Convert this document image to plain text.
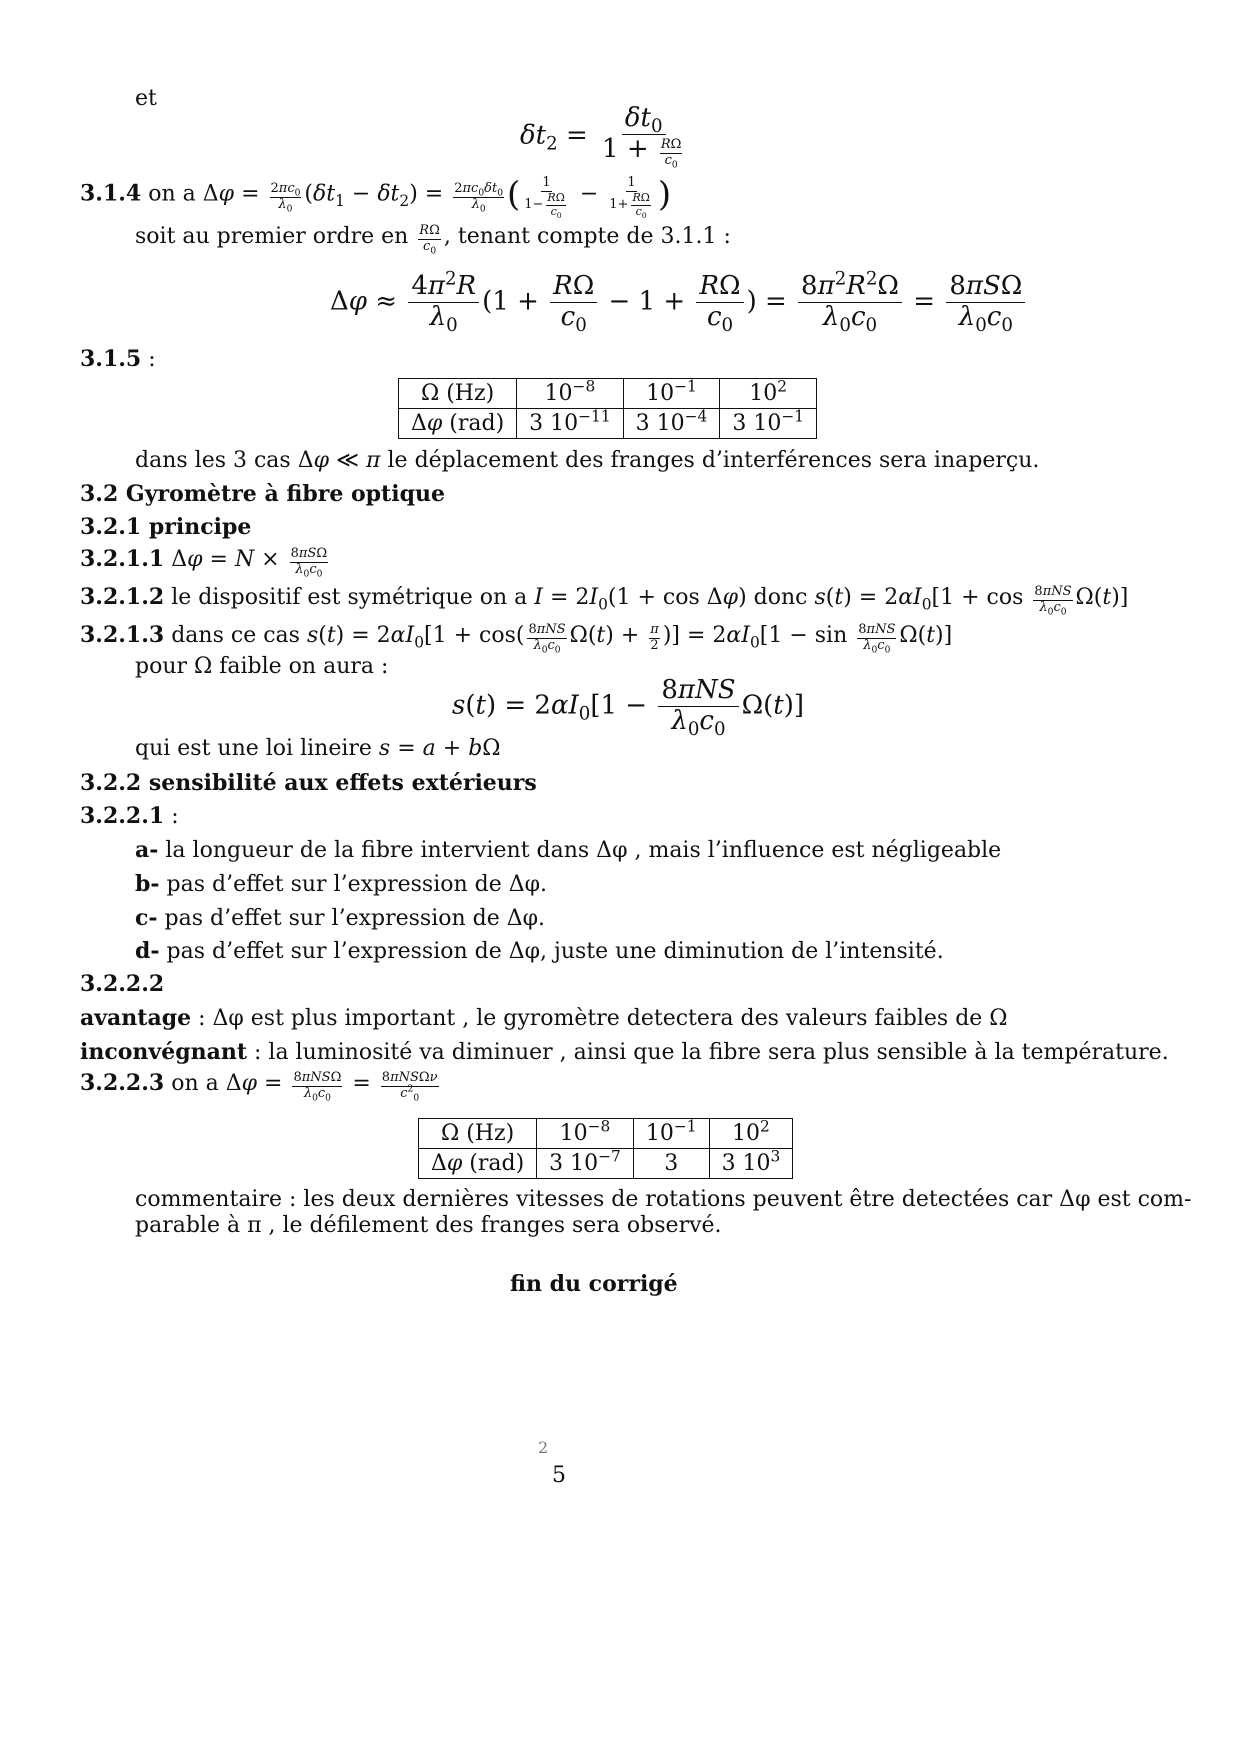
et
$\delta t_2 = \frac{\delta t_0}{1 + \frac{R\Omega}{c_0}}$
3.1.4 on a $\Delta\varphi = \frac{2\pi c_0}{\lambda_0} (\delta t_1 - \delta t_2) = \frac{2\pi c_0\delta t_0}{\lambda_0}$ ( $\frac{1}{1- \frac{R\Omega}{c_0}} - \frac{1}{1+ \frac{R\Omega}{c_0}}$ )
soit au premier ordre en $\frac{R\Omega}{c_0}$ , tenant compte de 3.1.1 :
$\Delta\varphi \approx \frac{4\pi^2R}{\lambda_0} (1 + \frac{R\Omega}{c_0} - 1 + \frac{R\Omega}{c_0}$ ) = $\frac{8\pi^2R^2\Omega}{\lambda_0c_0} = \frac{\text{8πSΩ}}{\lambda_0c_0}$
3.1.5 :
Ω (Hz)	$10^{-8}$	$10^{-1}$	$10^2$
Δφ (rad)	3 $10^{-11}$	3 $10^{-4}$	3 $10^{-1}$
dans les 3 cas Δφ ≪ π le déplacement des franges d’interférences sera inaperçu.
3.2 Gyromètre à fibre optique
3.2.1 principe
3.2.1.1 $\Delta\varphi = N \times \frac{\text{8πSΩ}}{\lambda_0c_0}$
3.2.1.2 le dispositif est symétrique on a $I = 2I_0(1 + \cos \Delta\varphi)$ donc $s(t) = 2\alpha I_0[1 + \cos \frac{\text{8πNS}}{\lambda_0c_0} \Omega(t)]$
3.2.1.3 dans ce cas $s(t) = 2\alpha I_0[1 + \cos( \frac{\text{8πNS}}{\lambda_0c_0} \Omega(t) + \frac{\pi}{2}$ )] = $2\alpha I_0[1 - \sin \frac{\text{8πNS}}{\lambda_0c_0} \Omega(t)]$
pour Ω faible on aura :
$s(t) = 2\alpha I_0[1 - \frac{\text{8πNS}}{\lambda_0c_0} \Omega(t)]$
qui est une loi lineire s = a + bΩ
3.2.2 sensibilité aux effets extérieurs
3.2.2.1 :
a- la longueur de la fibre intervient dans Δφ , mais l’influence est négligeable
b- pas d’effet sur l’expression de Δφ.
c- pas d’effet sur l’expression de Δφ.
d- pas d’effet sur l’expression de Δφ, juste une diminution de l’intensité.
3.2.2.2
avantage : Δφ est plus important , le gyromètre detectera des valeurs faibles de Ω
inconvégnant : la luminosité va diminuer , ainsi que la fibre sera plus sensible à la température.
3.2.2.3 on a $\Delta\varphi = \frac{\text{8πNSΩ}}{\lambda_0c_0} = \frac{\text{8πNSΩν}}{c^2_0}$
Ω (Hz)	$10^{-8}$	$10^{-1}$	$10^2$
Δφ (rad)	3 $10^{-7}$	3	3 $10^3$
commentaire : les deux dernières vitesses de rotations peuvent être detectées car Δφ est com-
parable à π , le défilement des franges sera observé.
fin du corrigé
2
5
